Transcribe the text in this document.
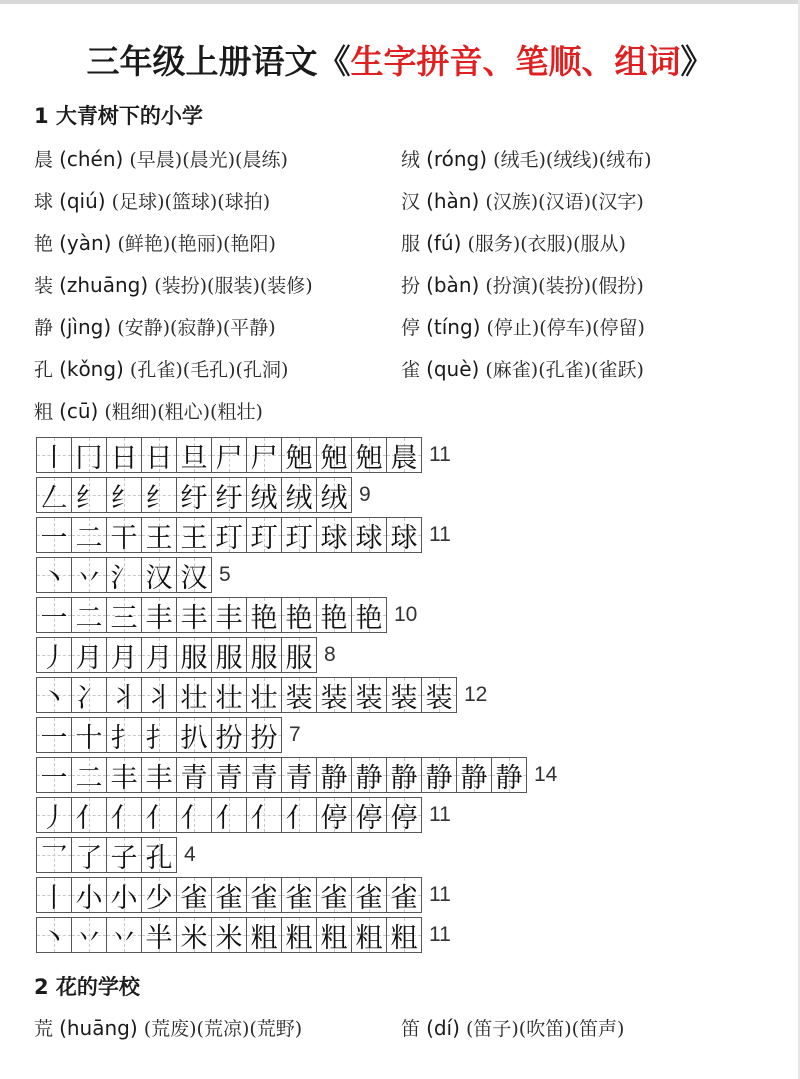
三年级上册语文《生字拼音、笔顺、组词》
1 大青树下的小学
晨 (chén) (早晨)(晨光)(晨练)	绒 (róng) (绒毛)(绒线)(绒布)
球 (qiú) (足球)(篮球)(球拍)	汉 (hàn) (汉族)(汉语)(汉字)
艳 (yàn) (鲜艳)(艳丽)(艳阳)	服 (fú) (服务)(衣服)(服从)
装 (zhuāng) (装扮)(服装)(装修)	扮 (bàn) (扮演)(装扮)(假扮)
静 (jìng) (安静)(寂静)(平静)	停 (tíng) (停止)(停车)(停留)
孔 (kǒng) (孔雀)(毛孔)(孔洞)	雀 (què) (麻雀)(孔雀)(雀跃)
粗 (cū) (粗细)(粗心)(粗壮)
㇑ 冂 日 日 旦 尸 尸 𣆶 𣆶 𣆶 晨 11
𠃋 纟 纟 纟 纡 纡 绒 绒 绒 9
一 二 干 王 王 玎 玎 玎 球 球 球 11
丶 丷 氵 汉 汉 5
一 二 三 丰 丰 丰 艳 艳 艳 艳 10
丿 月 月 月 服 服 服 服 8
丶 冫 丬 丬 壮 壮 壮 装 装 装 装 装 12
一 十 扌 扌 扒 扮 扮 7
一 二 丰 丰 青 青 青 青 静 静 静 静 静 静 14
丿 亻 亻 亻 亻 亻 亻 亻 停 停 停 11
乛 了 子 孔 4
丨 小 小 少 雀 雀 雀 雀 雀 雀 雀 11
丶 丷 丷 半 米 米 粗 粗 粗 粗 粗 11
2 花的学校
荒 (huāng) (荒废)(荒凉)(荒野)	笛 (dí) (笛子)(吹笛)(笛声)
